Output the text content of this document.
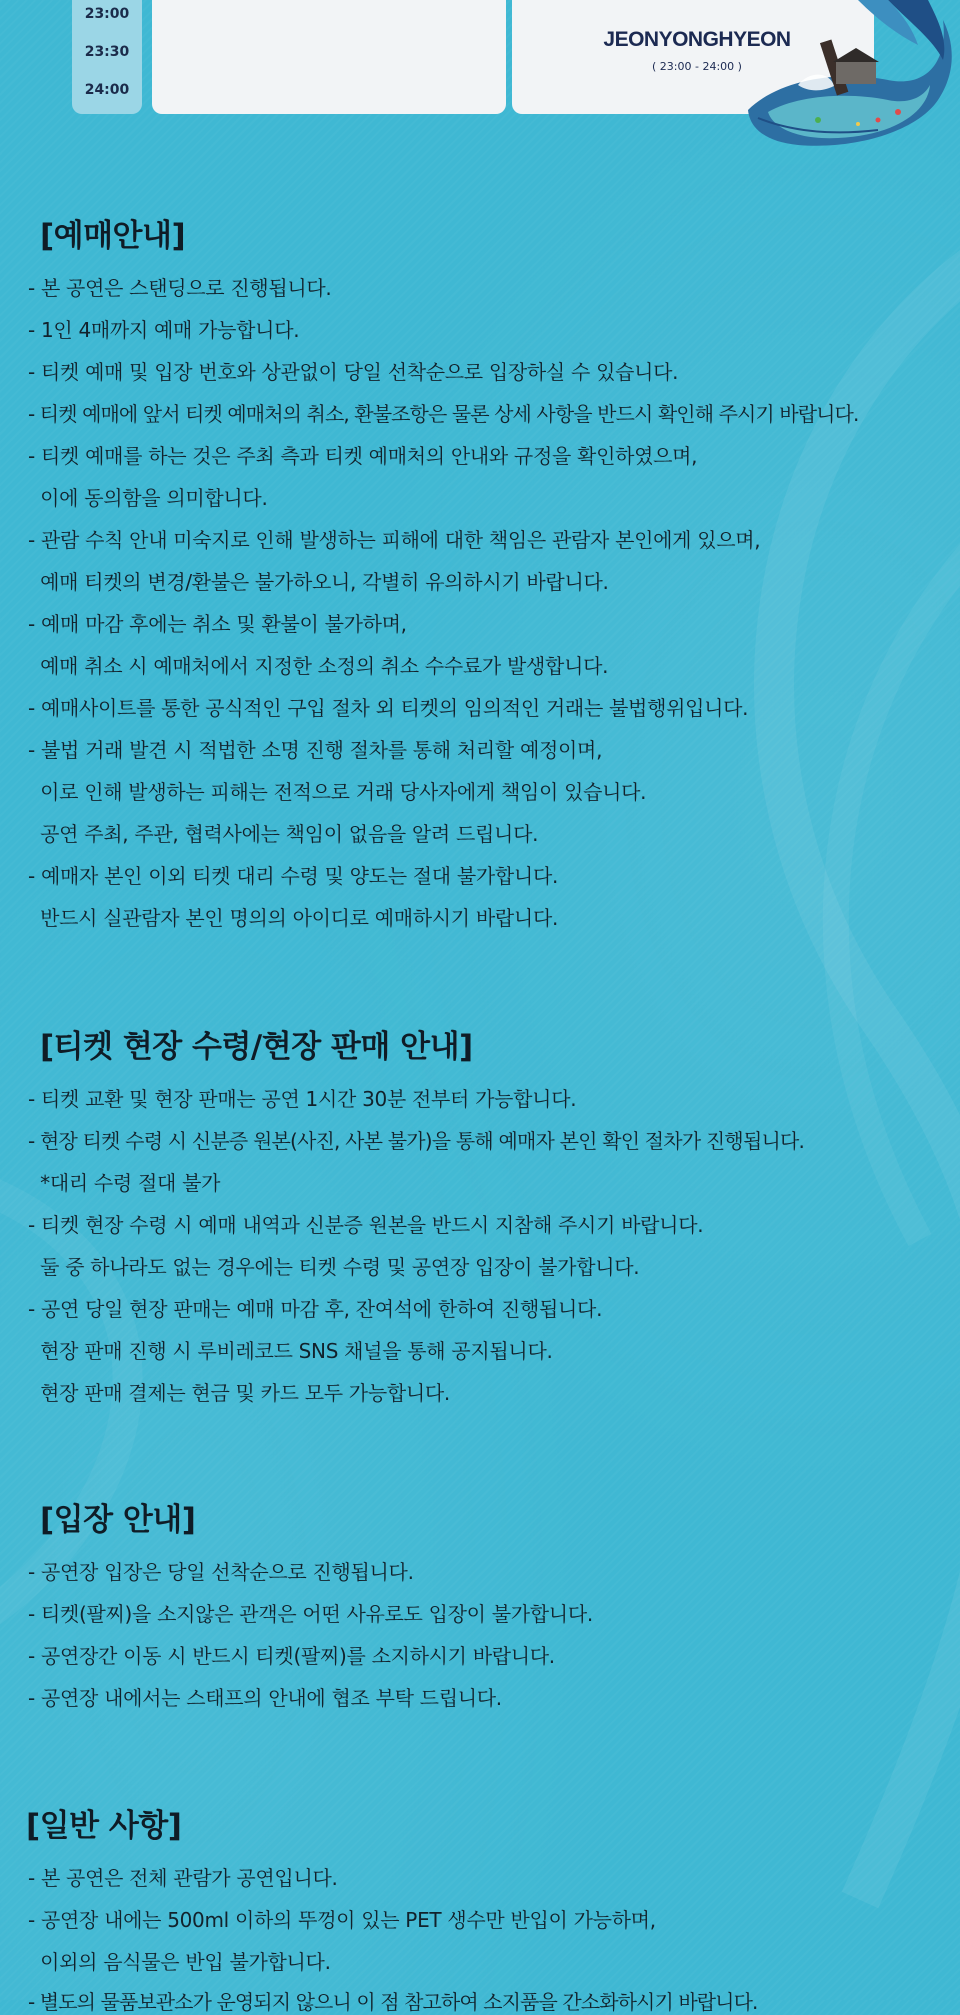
23:00
23:30
24:00
JEONYONGHYEON
( 23:00 - 24:00 )
[예매안내]
- 본 공연은 스탠딩으로 진행됩니다.
- 1인 4매까지 예매 가능합니다.
- 티켓 예매 및 입장 번호와 상관없이 당일 선착순으로 입장하실 수 있습니다.
- 티켓 예매에 앞서 티켓 예매처의 취소, 환불조항은 물론 상세 사항을 반드시 확인해 주시기 바랍니다.
- 티켓 예매를 하는 것은 주최 측과 티켓 예매처의 안내와 규정을 확인하였으며,
이에 동의함을 의미합니다.
- 관람 수칙 안내 미숙지로 인해 발생하는 피해에 대한 책임은 관람자 본인에게 있으며,
예매 티켓의 변경/환불은 불가하오니, 각별히 유의하시기 바랍니다.
- 예매 마감 후에는 취소 및 환불이 불가하며,
예매 취소 시 예매처에서 지정한 소정의 취소 수수료가 발생합니다.
- 예매사이트를 통한 공식적인 구입 절차 외 티켓의 임의적인 거래는 불법행위입니다.
- 불법 거래 발견 시 적법한 소명 진행 절차를 통해 처리할 예정이며,
이로 인해 발생하는 피해는 전적으로 거래 당사자에게 책임이 있습니다.
공연 주최, 주관, 협력사에는 책임이 없음을 알려 드립니다.
- 예매자 본인 이외 티켓 대리 수령 및 양도는 절대 불가합니다.
반드시 실관람자 본인 명의의 아이디로 예매하시기 바랍니다.
[티켓 현장 수령/현장 판매 안내]
- 티켓 교환 및 현장 판매는 공연 1시간 30분 전부터 가능합니다.
- 현장 티켓 수령 시 신분증 원본(사진, 사본 불가)을 통해 예매자 본인 확인 절차가 진행됩니다.
*대리 수령 절대 불가
- 티켓 현장 수령 시 예매 내역과 신분증 원본을 반드시 지참해 주시기 바랍니다.
둘 중 하나라도 없는 경우에는 티켓 수령 및 공연장 입장이 불가합니다.
- 공연 당일 현장 판매는 예매 마감 후, 잔여석에 한하여 진행됩니다.
현장 판매 진행 시 루비레코드 SNS 채널을 통해 공지됩니다.
현장 판매 결제는 현금 및 카드 모두 가능합니다.
[입장 안내]
- 공연장 입장은 당일 선착순으로 진행됩니다.
- 티켓(팔찌)을 소지않은 관객은 어떤 사유로도 입장이 불가합니다.
- 공연장간 이동 시 반드시 티켓(팔찌)를 소지하시기 바랍니다.
- 공연장 내에서는 스태프의 안내에 협조 부탁 드립니다.
[일반 사항]
- 본 공연은 전체 관람가 공연입니다.
- 공연장 내에는 500ml 이하의 뚜껑이 있는 PET 생수만 반입이 가능하며,
이외의 음식물은 반입 불가합니다.
- 별도의 물품보관소가 운영되지 않으니 이 점 참고하여 소지품을 간소화하시기 바랍니다.
